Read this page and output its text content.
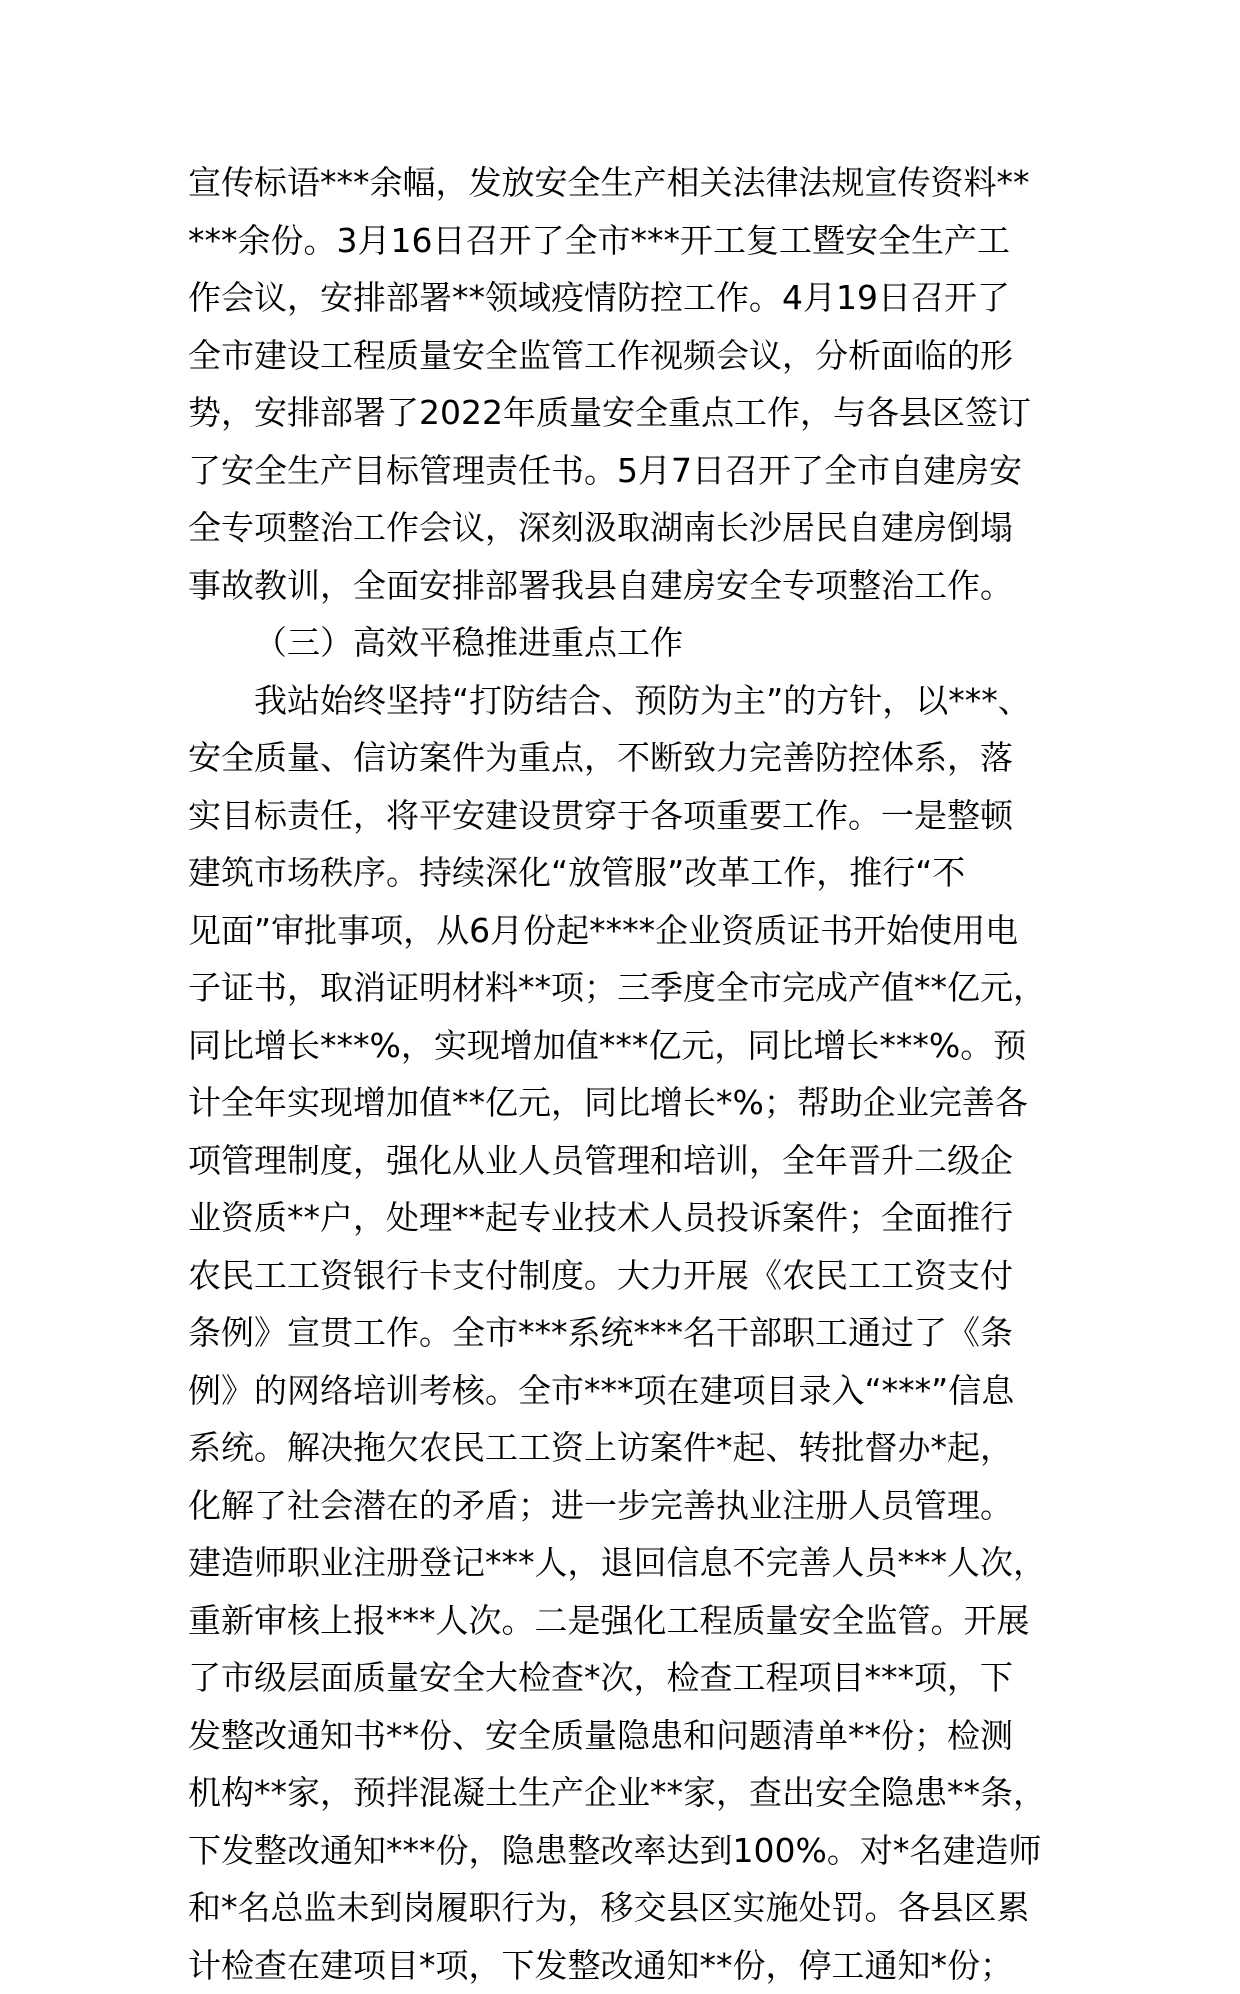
宣传标语***余幅，发放安全生产相关法律法规宣传资料**
***余份。3月16日召开了全市***开工复工暨安全生产工
作会议，安排部署**领域疫情防控工作。4月19日召开了
全市建设工程质量安全监管工作视频会议，分析面临的形
势，安排部署了2022年质量安全重点工作，与各县区签订
了安全生产目标管理责任书。5月7日召开了全市自建房安
全专项整治工作会议，深刻汲取湖南长沙居民自建房倒塌
事故教训，全面安排部署我县自建房安全专项整治工作。
（三）高效平稳推进重点工作
我站始终坚持“打防结合、预防为主”的方针，以***、
安全质量、信访案件为重点，不断致力完善防控体系，落
实目标责任，将平安建设贯穿于各项重要工作。一是整顿
建筑市场秩序。持续深化“放管服”改革工作，推行“不
见面”审批事项，从6月份起****企业资质证书开始使用电
子证书，取消证明材料**项；三季度全市完成产值**亿元，
同比增长***%，实现增加值***亿元，同比增长***%。预
计全年实现增加值**亿元，同比增长*%；帮助企业完善各
项管理制度，强化从业人员管理和培训，全年晋升二级企
业资质**户，处理**起专业技术人员投诉案件；全面推行
农民工工资银行卡支付制度。大力开展《农民工工资支付
条例》宣贯工作。全市***系统***名干部职工通过了《条
例》的网络培训考核。全市***项在建项目录入“***”信息
系统。解决拖欠农民工工资上访案件*起、转批督办*起，
化解了社会潜在的矛盾；进一步完善执业注册人员管理。
建造师职业注册登记***人，退回信息不完善人员***人次，
重新审核上报***人次。二是强化工程质量安全监管。开展
了市级层面质量安全大检查*次，检查工程项目***项，下
发整改通知书**份、安全质量隐患和问题清单**份；检测
机构**家，预拌混凝土生产企业**家，查出安全隐患**条，
下发整改通知***份，隐患整改率达到100%。对*名建造师
和*名总监未到岗履职行为，移交县区实施处罚。各县区累
计检查在建项目*项，下发整改通知**份，停工通知*份；
